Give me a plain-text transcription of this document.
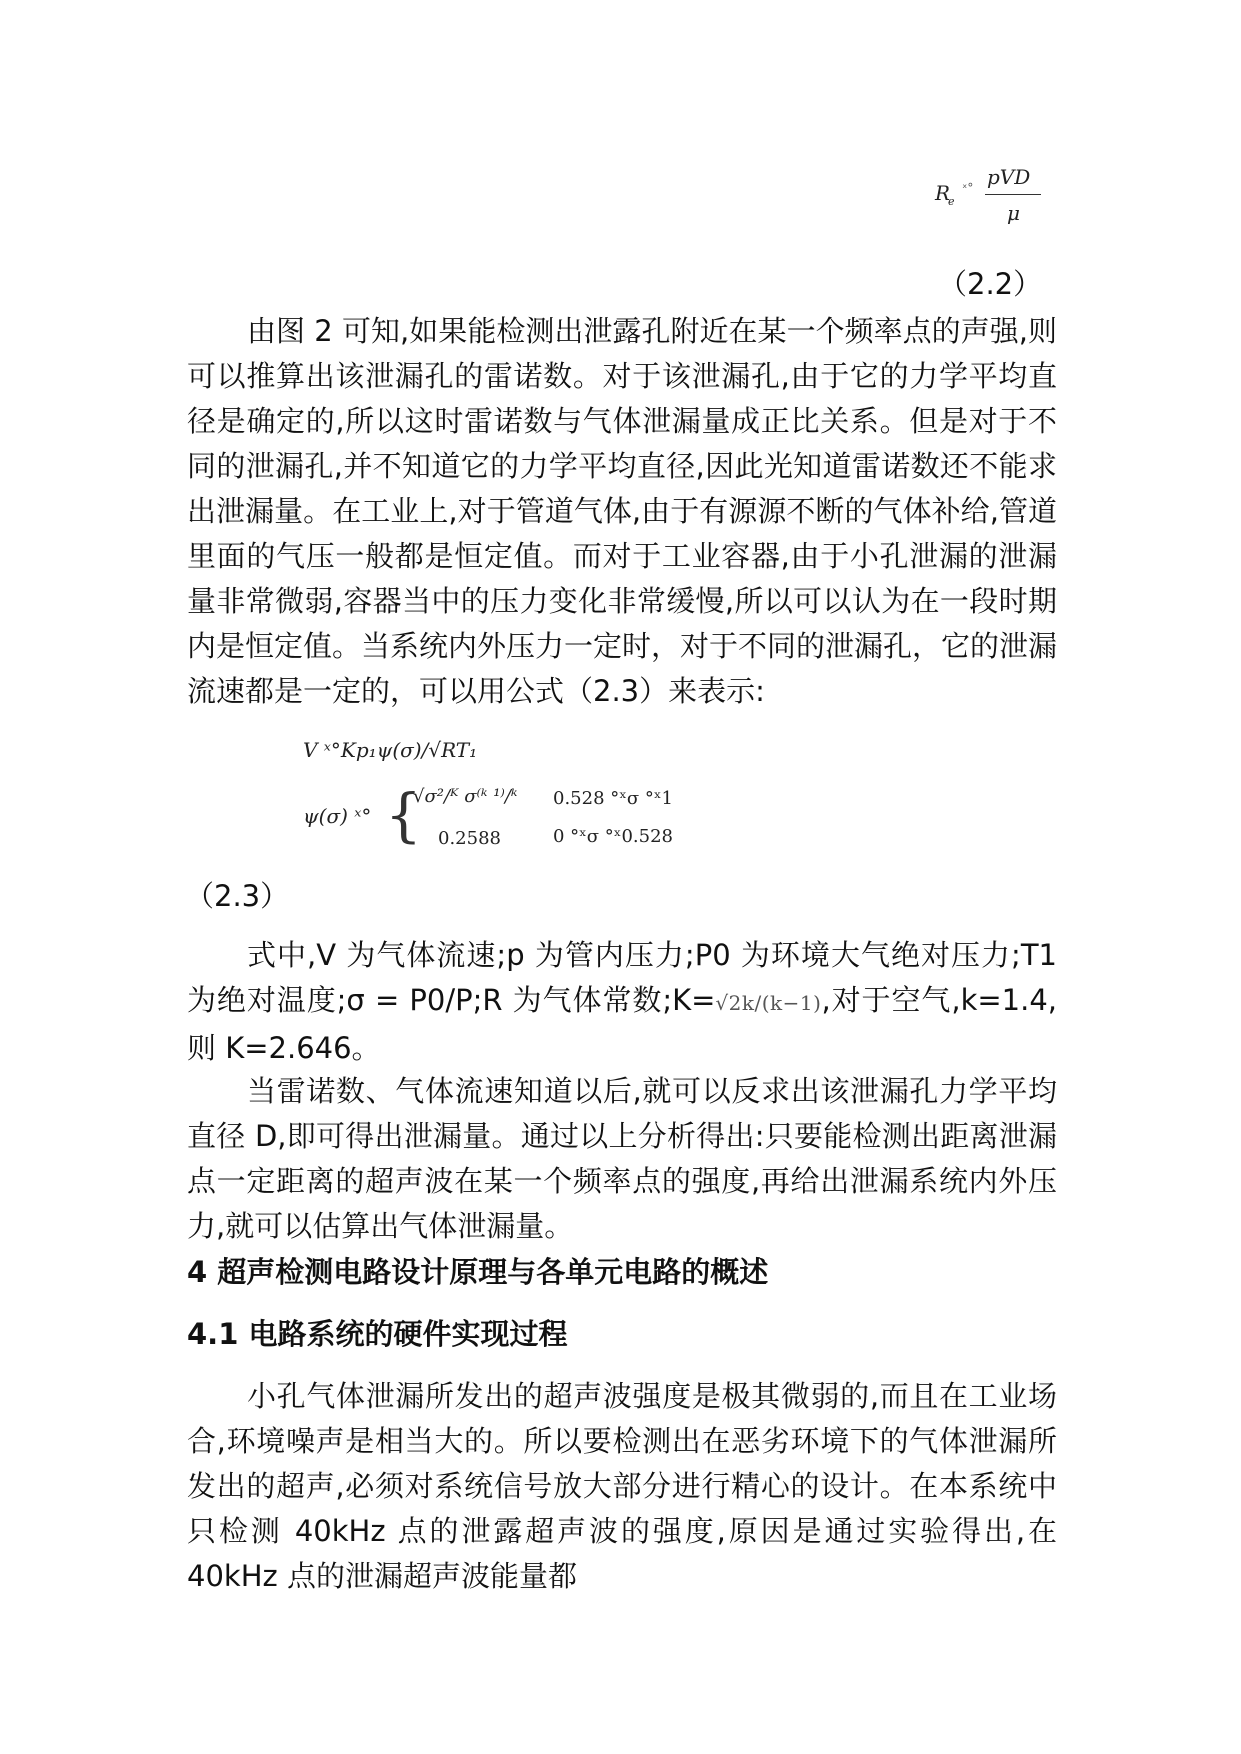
R
e
ˣ° pVD
μ
（2.2）
由图 2 可知,如果能检测出泄露孔附近在某一个频率点的声强,则可以推算出该泄漏孔的雷诺数。对于该泄漏孔,由于它的力学平均直径是确定的,所以这时雷诺数与气体泄漏量成正比关系。但是对于不同的泄漏孔,并不知道它的力学平均直径,因此光知道雷诺数还不能求出泄漏量。在工业上,对于管道气体,由于有源源不断的气体补给,管道里面的气压一般都是恒定值。而对于工业容器,由于小孔泄漏的泄漏量非常微弱,容器当中的压力变化非常缓慢,所以可以认为在一段时期内是恒定值。当系统内外压力一定时，对于不同的泄漏孔，它的泄漏流速都是一定的，可以用公式（2.3）来表示:
V ˣ°Kp₁ψ(σ)/√RT₁
ψ(σ) ˣ° {
√σ²/ᴷ σ⁽ᵏ ¹⁾/ᵏ 0.528 °ˣσ °ˣ1
0.2588	0 °ˣσ °ˣ0.528
（2.3）
式中,V 为气体流速;p 为管内压力;P0 为环境大气绝对压力;T1 为绝对温度;σ = P0/P;R 为气体常数;K=√2k/(k−1),对于空气,k=1.4,则 K=2.646。
当雷诺数、气体流速知道以后,就可以反求出该泄漏孔力学平均直径 D,即可得出泄漏量。通过以上分析得出:只要能检测出距离泄漏点一定距离的超声波在某一个频率点的强度,再给出泄漏系统内外压力,就可以估算出气体泄漏量。
4 超声检测电路设计原理与各单元电路的概述
4.1 电路系统的硬件实现过程
小孔气体泄漏所发出的超声波强度是极其微弱的,而且在工业场合,环境噪声是相当大的。所以要检测出在恶劣环境下的气体泄漏所发出的超声,必须对系统信号放大部分进行精心的设计。在本系统中只检测 40kHz 点的泄露超声波的强度,原因是通过实验得出,在 40kHz 点的泄漏超声波能量都
